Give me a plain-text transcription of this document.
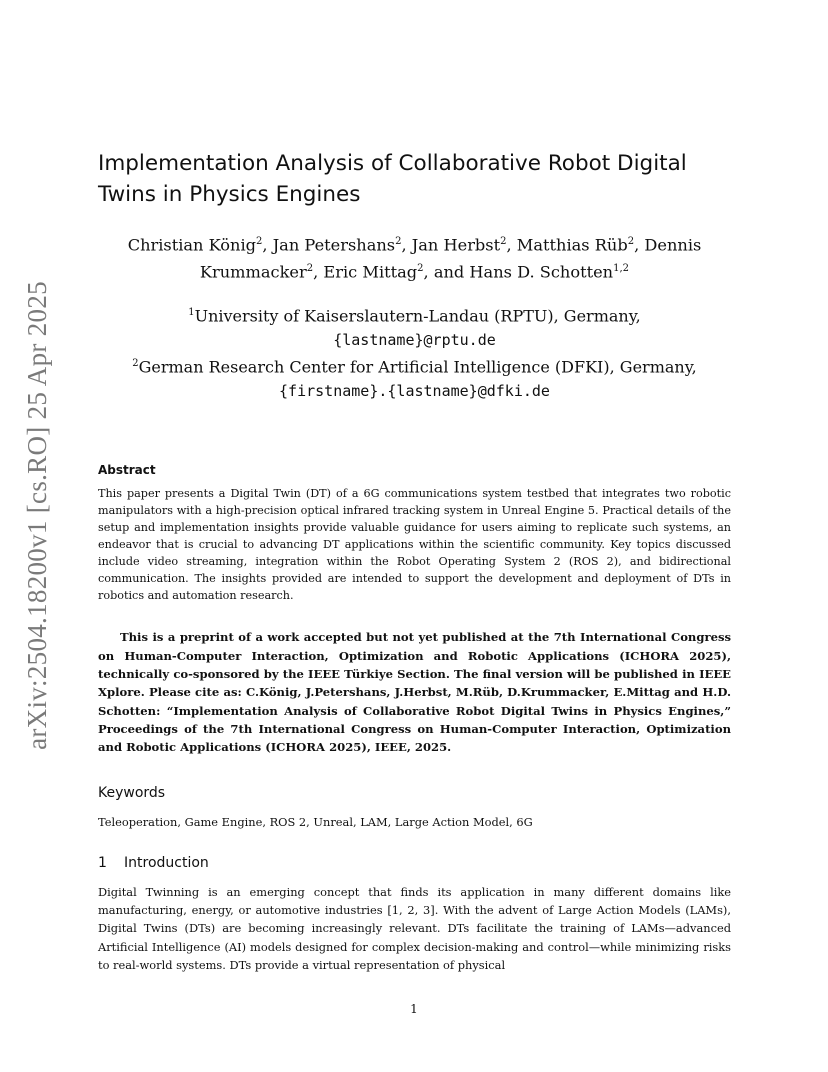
arXiv:2504.18200v1 [cs.RO] 25 Apr 2025
Implementation Analysis of Collaborative Robot Digital Twins in Physics Engines
Christian König$^2$, Jan Petershans$^2$, Jan Herbst$^2$, Matthias Rüb$^2$, Dennis Krummacker$^2$, Eric Mittag$^2$, and Hans D. Schotten$^{1,2}$
$^1$University of Kaiserslautern-Landau (RPTU), Germany,
{lastname}@rptu.de
$^2$German Research Center for Artificial Intelligence (DFKI), Germany,
{firstname}.{lastname}@dfki.de
Abstract
This paper presents a Digital Twin (DT) of a 6G communications system testbed that integrates two robotic manipulators with a high-precision optical infrared tracking system in Unreal Engine 5. Practical details of the setup and implementation insights provide valuable guidance for users aiming to replicate such systems, an endeavor that is crucial to advancing DT applications within the scientific community. Key topics discussed include video streaming, integration within the Robot Operating System 2 (ROS 2), and bidirectional communication. The insights provided are intended to support the development and deployment of DTs in robotics and automation research.
This is a preprint of a work accepted but not yet published at the 7th International Congress on Human-Computer Interaction, Optimization and Robotic Applications (ICHORA 2025), technically co-sponsored by the IEEE Türkiye Section. The final version will be published in IEEE Xplore. Please cite as: C.König, J.Petershans, J.Herbst, M.Rüb, D.Krummacker, E.Mittag and H.D. Schotten: “Implementation Analysis of Collaborative Robot Digital Twins in Physics Engines,” Proceedings of the 7th International Congress on Human-Computer Interaction, Optimization and Robotic Applications (ICHORA 2025), IEEE, 2025.
Keywords
Teleoperation, Game Engine, ROS 2, Unreal, LAM, Large Action Model, 6G
1 Introduction
Digital Twinning is an emerging concept that finds its application in many different domains like manufacturing, energy, or automotive industries [1, 2, 3]. With the advent of Large Action Models (LAMs), Digital Twins (DTs) are becoming increasingly relevant. DTs facilitate the training of LAMs—advanced Artificial Intelligence (AI) models designed for complex decision-making and control—while minimizing risks to real-world systems. DTs provide a virtual representation of physical
1
